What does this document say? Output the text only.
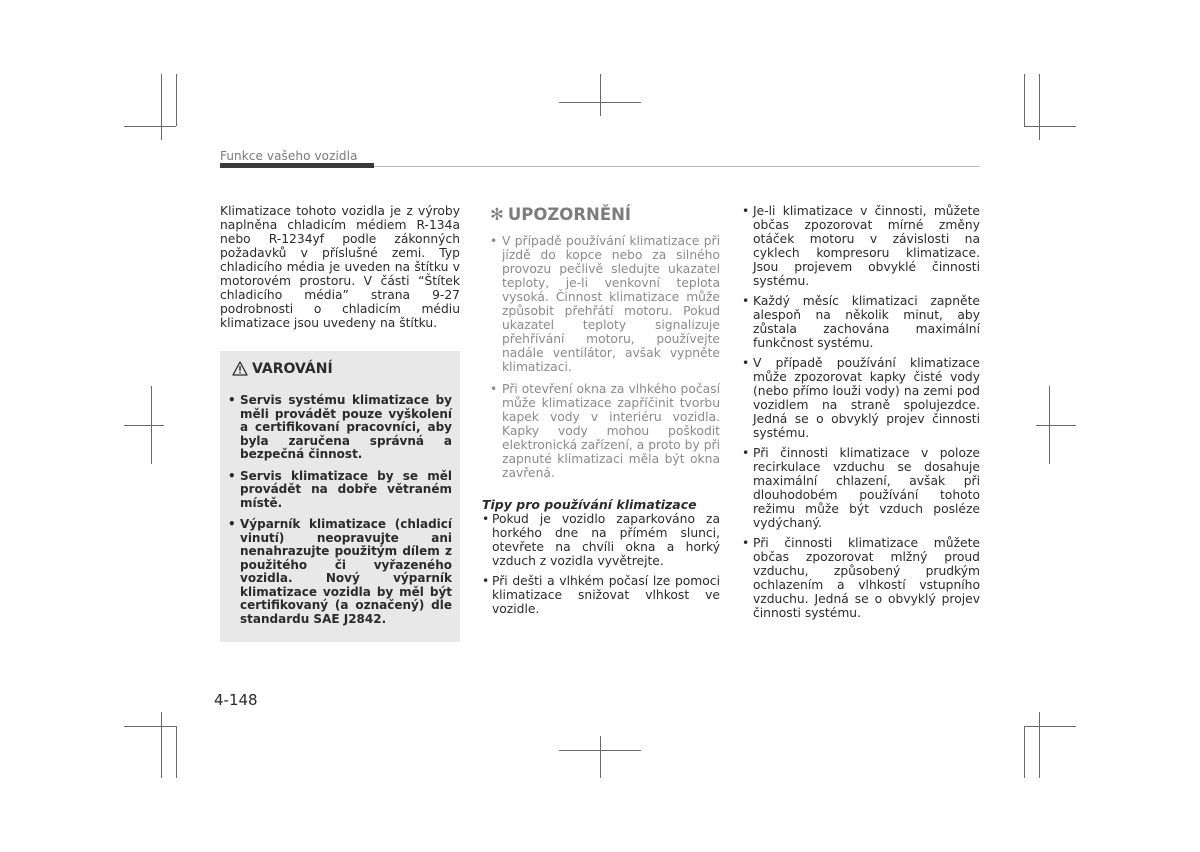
Funkce vašeho vozidla

Klimatizace tohoto vozidla je z výroby naplněna chladicím médiem R-134a nebo R-1234yf podle zákonných požadavků v příslušné zemi. Typ chladicího média je uveden na štítku v motorovém prostoru. V části “Štítek chladicího média” strana 9-27 podrobnosti o chladicím médiu klimatizace jsou uvedeny na štítku.

VAROVÁNÍ
• Servis systému klimatizace by měli provádět pouze vyškolení a certifikovaní pracovníci, aby byla zaručena správná a bezpečná činnost.
• Servis klimatizace by se měl provádět na dobře větraném místě.
• Výparník klimatizace (chladicí vinutí) neopravujte ani nenahrazujte použitým dílem z použitého či vyřazeného vozidla. Nový výparník klimatizace vozidla by měl být certifikovaný (a označený) dle standardu SAE J2842.
✻ UPOZORNĚNÍ
• V případě používání klimatizace při jízdě do kopce nebo za silného provozu pečlivě sledujte ukazatel teploty, je-li venkovní teplota vysoká. Činnost klimatizace může způsobit přehřátí motoru. Pokud ukazatel teploty signalizuje přehřívání motoru, používejte nadále ventilátor, avšak vypněte klimatizaci.
• Při otevření okna za vlhkého počasí může klimatizace zapříčinit tvorbu kapek vody v interiéru vozidla. Kapky vody mohou poškodit elektronická zařízení, a proto by při zapnuté klimatizaci měla být okna zavřená.
Tipy pro používání klimatizace
• Pokud je vozidlo zaparkováno za horkého dne na přímém slunci, otevřete na chvíli okna a horký vzduch z vozidla vyvětrejte.
• Při dešti a vlhkém počasí lze pomoci klimatizace snižovat vlhkost ve vozidle.
• Je-li klimatizace v činnosti, můžete občas zpozorovat mírné změny otáček motoru v závislosti na cyklech kompresoru klimatizace. Jsou projevem obvyklé činnosti systému.
• Každý měsíc klimatizaci zapněte alespoň na několik minut, aby zůstala zachována maximální funkčnost systému.
• V případě používání klimatizace může zpozorovat kapky čisté vody (nebo přímo louži vody) na zemi pod vozidlem na straně spolujezdce. Jedná se o obvyklý projev činnosti systému.
• Při činnosti klimatizace v poloze recirkulace vzduchu se dosahuje maximální chlazení, avšak při dlouhodobém používání tohoto režimu může být vzduch posléze vydýchaný.
• Při činnosti klimatizace můžete občas zpozorovat mlžný proud vzduchu, způsobený prudkým ochlazením a vlhkostí vstupního vzduchu. Jedná se o obvyklý projev činnosti systému.
4-148
